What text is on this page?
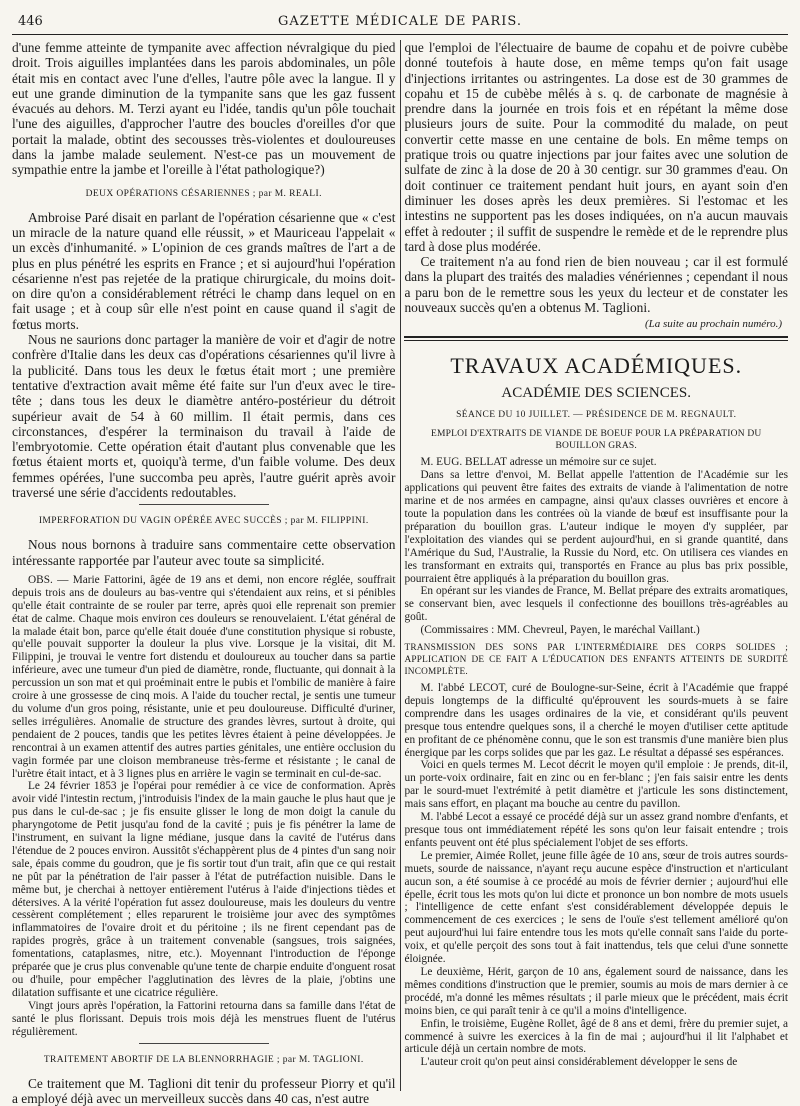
446	GAZETTE MÉDICALE DE PARIS.

d'une femme atteinte de tympanite avec affection névralgique du pied droit. Trois aiguilles implantées dans les parois abdominales, un pôle était mis en contact avec l'une d'elles, l'autre pôle avec la langue. Il y eut une grande diminution de la tympanite sans que les gaz fussent évacués au dehors. M. Terzi ayant eu l'idée, tandis qu'un pôle touchait l'une des aiguilles, d'approcher l'autre des boucles d'oreilles d'or que portait la malade, obtint des secousses très-violentes et douloureuses dans la jambe malade seulement. N'est-ce pas un mouvement de sympathie entre la jambe et l'oreille à l'état pathologique?)

DEUX OPÉRATIONS CÉSARIENNES ; par M. REALI.

Ambroise Paré disait en parlant de l'opération césarienne que « c'est un miracle de la nature quand elle réussit, » et Mauriceau l'appelait « un excès d'inhumanité. » L'opinion de ces grands maîtres de l'art a de plus en plus pénétré les esprits en France ; et si aujourd'hui l'opération césarienne n'est pas rejetée de la pratique chirurgicale, du moins doit-on dire qu'on a considérablement rétréci le champ dans lequel on en fait usage ; et à coup sûr elle n'est point en cause quand il s'agit de fœtus morts.

Nous ne saurions donc partager la manière de voir et d'agir de notre confrère d'Italie dans les deux cas d'opérations césariennes qu'il livre à la publicité. Dans tous les deux le fœtus était mort ; une première tentative d'extraction avait même été faite sur l'un d'eux avec le tire-tête ; dans tous les deux le diamètre antéro-postérieur du détroit supérieur avait de 54 à 60 millim. Il était permis, dans ces circonstances, d'espérer la terminaison du travail à l'aide de l'embryotomie. Cette opération était d'autant plus convenable que les fœtus étaient morts et, quoiqu'à terme, d'un faible volume. Des deux femmes opérées, l'une succomba peu après, l'autre guérit après avoir traversé une série d'accidents redoutables.

IMPERFORATION DU VAGIN OPÉRÉE AVEC SUCCÈS ; par M. FILIPPINI.

Nous nous bornons à traduire sans commentaire cette observation intéressante rapportée par l'auteur avec toute sa simplicité.

OBS. — Marie Fattorini, âgée de 19 ans et demi, non encore réglée, souffrait depuis trois ans de douleurs au bas-ventre qui s'étendaient aux reins, et si pénibles qu'elle était contrainte de se rouler par terre, après quoi elle reprenait son premier état de calme. Chaque mois environ ces douleurs se renouvelaient. L'état général de la malade était bon, parce qu'elle était douée d'une constitution physique si robuste, qu'elle pouvait supporter la douleur la plus vive. Lorsque je la visitai, dit M. Filippini, je trouvai le ventre fort distendu et douloureux au toucher dans sa partie inférieure, avec une tumeur d'un pied de diamètre, ronde, fluctuante, qui donnait à la percussion un son mat et qui proéminait entre le pubis et l'ombilic de manière à faire croire à une grossesse de cinq mois. A l'aide du toucher rectal, je sentis une tumeur du volume d'un gros poing, résistante, unie et peu douloureuse. Difficulté d'uriner, selles irrégulières. Anomalie de structure des grandes lèvres, surtout à droite, qui pendaient de 2 pouces, tandis que les petites lèvres étaient à peine développées. Je rencontrai à un examen attentif des autres parties génitales, une entière occlusion du vagin formée par une cloison membraneuse très-ferme et résistante ; le canal de l'urètre était intact, et à 3 lignes plus en arrière le vagin se terminait en cul-de-sac.

Le 24 février 1853 je l'opérai pour remédier à ce vice de conformation. Après avoir vidé l'intestin rectum, j'introduisis l'index de la main gauche le plus haut que je pus dans le cul-de-sac ; je fis ensuite glisser le long de mon doigt la canule du pharyngotome de Petit jusqu'au fond de la cavité ; puis je fis pénétrer la lame de l'instrument, en suivant la ligne médiane, jusque dans la cavité de l'utérus dans l'étendue de 2 pouces environ. Aussitôt s'échappèrent plus de 4 pintes d'un sang noir sale, épais comme du goudron, que je fis sortir tout d'un trait, afin que ce qui restait ne pût par la pénétration de l'air passer à l'état de putréfaction nuisible. Dans le même but, je cherchai à nettoyer entièrement l'utérus à l'aide d'injections tièdes et détersives. A la vérité l'opération fut assez douloureuse, mais les douleurs du ventre cessèrent complétement ; elles reparurent le troisième jour avec des symptômes inflammatoires de l'ovaire droit et du péritoine ; ils ne firent cependant pas de rapides progrès, grâce à un traitement convenable (sangsues, trois saignées, fomentations, cataplasmes, nitre, etc.). Moyennant l'introduction de l'éponge préparée que je crus plus convenable qu'une tente de charpie enduite d'onguent rosat ou d'huile, pour empêcher l'agglutination des lèvres de la plaie, j'obtins une dilatation suffisante et une cicatrice régulière.

Vingt jours après l'opération, la Fattorini retourna dans sa famille dans l'état de santé le plus florissant. Depuis trois mois déjà les menstrues fluent de l'utérus régulièrement.

TRAITEMENT ABORTIF DE LA BLENNORRHAGIE ; par M. TAGLIONI.

Ce traitement que M. Taglioni dit tenir du professeur Piorry et qu'il a employé déjà avec un merveilleux succès dans 40 cas, n'est autre

que l'emploi de l'électuaire de baume de copahu et de poivre cubèbe donné toutefois à haute dose, en même temps qu'on fait usage d'injections irritantes ou astringentes. La dose est de 30 grammes de copahu et 15 de cubèbe mêlés à s. q. de carbonate de magnésie à prendre dans la journée en trois fois et en répétant la même dose plusieurs jours de suite. Pour la commodité du malade, on peut convertir cette masse en une centaine de bols. En même temps on pratique trois ou quatre injections par jour faites avec une solution de sulfate de zinc à la dose de 20 à 30 centigr. sur 30 grammes d'eau. On doit continuer ce traitement pendant huit jours, en ayant soin d'en diminuer les doses après les deux premières. Si l'estomac et les intestins ne supportent pas les doses indiquées, on n'a aucun mauvais effet à redouter ; il suffit de suspendre le remède et de le reprendre plus tard à dose plus modérée.

Ce traitement n'a au fond rien de bien nouveau ; car il est formulé dans la plupart des traités des maladies vénériennes ; cependant il nous a paru bon de le remettre sous les yeux du lecteur et de constater les nouveaux succès qu'en a obtenus M. Taglioni.

(La suite au prochain numéro.)
TRAVAUX ACADÉMIQUES.
ACADÉMIE DES SCIENCES.
SÉANCE DU 10 JUILLET. — PRÉSIDENCE DE M. REGNAULT.
EMPLOI D'EXTRAITS DE VIANDE DE BOEUF POUR LA PRÉPARATION DU BOUILLON GRAS.

M. EUG. BELLAT adresse un mémoire sur ce sujet.

Dans sa lettre d'envoi, M. Bellat appelle l'attention de l'Académie sur les applications qui peuvent être faites des extraits de viande à l'alimentation de notre marine et de nos armées en campagne, ainsi qu'aux classes ouvrières et encore à toute la population dans les contrées où la viande de bœuf est insuffisante pour la préparation du bouillon gras. L'auteur indique le moyen d'y suppléer, par l'exploitation des viandes qui se perdent aujourd'hui, en si grande quantité, dans l'Amérique du Sud, l'Australie, la Russie du Nord, etc. On utilisera ces viandes en les transformant en extraits qui, transportés en France au plus bas prix possible, pourraient être appliqués à la préparation du bouillon gras.

En opérant sur les viandes de France, M. Bellat prépare des extraits aromatiques, se conservant bien, avec lesquels il confectionne des bouillons très-agréables au goût.

(Commissaires : MM. Chevreul, Payen, le maréchal Vaillant.)

TRANSMISSION DES SONS PAR L'INTERMÉDIAIRE DES CORPS SOLIDES ; APPLICATION DE CE FAIT A L'ÉDUCATION DES ENFANTS ATTEINTS DE SURDITÉ INCOMPLÈTE.

M. l'abbé LECOT, curé de Boulogne-sur-Seine, écrit à l'Académie que frappé depuis longtemps de la difficulté qu'éprouvent les sourds-muets à se faire comprendre dans les usages ordinaires de la vie, et considérant qu'ils peuvent presque tous entendre quelques sons, il a cherché le moyen d'utiliser cette aptitude en profitant de ce phénomène connu, que le son est transmis d'une manière bien plus énergique par les corps solides que par les gaz. Le résultat a dépassé ses espérances.

Voici en quels termes M. Lecot décrit le moyen qu'il emploie : Je prends, dit-il, un porte-voix ordinaire, fait en zinc ou en fer-blanc ; j'en fais saisir entre les dents par le sourd-muet l'extrémité à petit diamètre et j'articule les sons distinctement, mais sans effort, en plaçant ma bouche au centre du pavillon.

M. l'abbé Lecot a essayé ce procédé déjà sur un assez grand nombre d'enfants, et presque tous ont immédiatement répété les sons qu'on leur faisait entendre ; trois enfants peuvent ont été plus spécialement l'objet de ses efforts.

Le premier, Aimée Rollet, jeune fille âgée de 10 ans, sœur de trois autres sourds-muets, sourde de naissance, n'ayant reçu aucune espèce d'instruction et n'articulant aucun son, a été soumise à ce procédé au mois de février dernier ; aujourd'hui elle épelle, écrit tous les mots qu'on lui dicte et prononce un bon nombre de mots usuels ; l'intelligence de cette enfant s'est considérablement développée depuis le commencement de ces exercices ; le sens de l'ouïe s'est tellement amélioré qu'on peut aujourd'hui lui faire entendre tous les mots qu'elle connaît sans l'aide du porte-voix, et qu'elle perçoit des sons tout à fait inattendus, tels que celui d'une sonnette éloignée.

Le deuxième, Hérit, garçon de 10 ans, également sourd de naissance, dans les mêmes conditions d'instruction que le premier, soumis au mois de mars dernier à ce procédé, m'a donné les mêmes résultats ; il parle mieux que le précédent, mais écrit moins bien, ce qui paraît tenir à ce qu'il a moins d'intelligence.

Enfin, le troisième, Eugène Rollet, âgé de 8 ans et demi, frère du premier sujet, a commencé à suivre les exercices à la fin de mai ; aujourd'hui il lit l'alphabet et articule déjà un certain nombre de mots.

L'auteur croit qu'on peut ainsi considérablement développer le sens de
